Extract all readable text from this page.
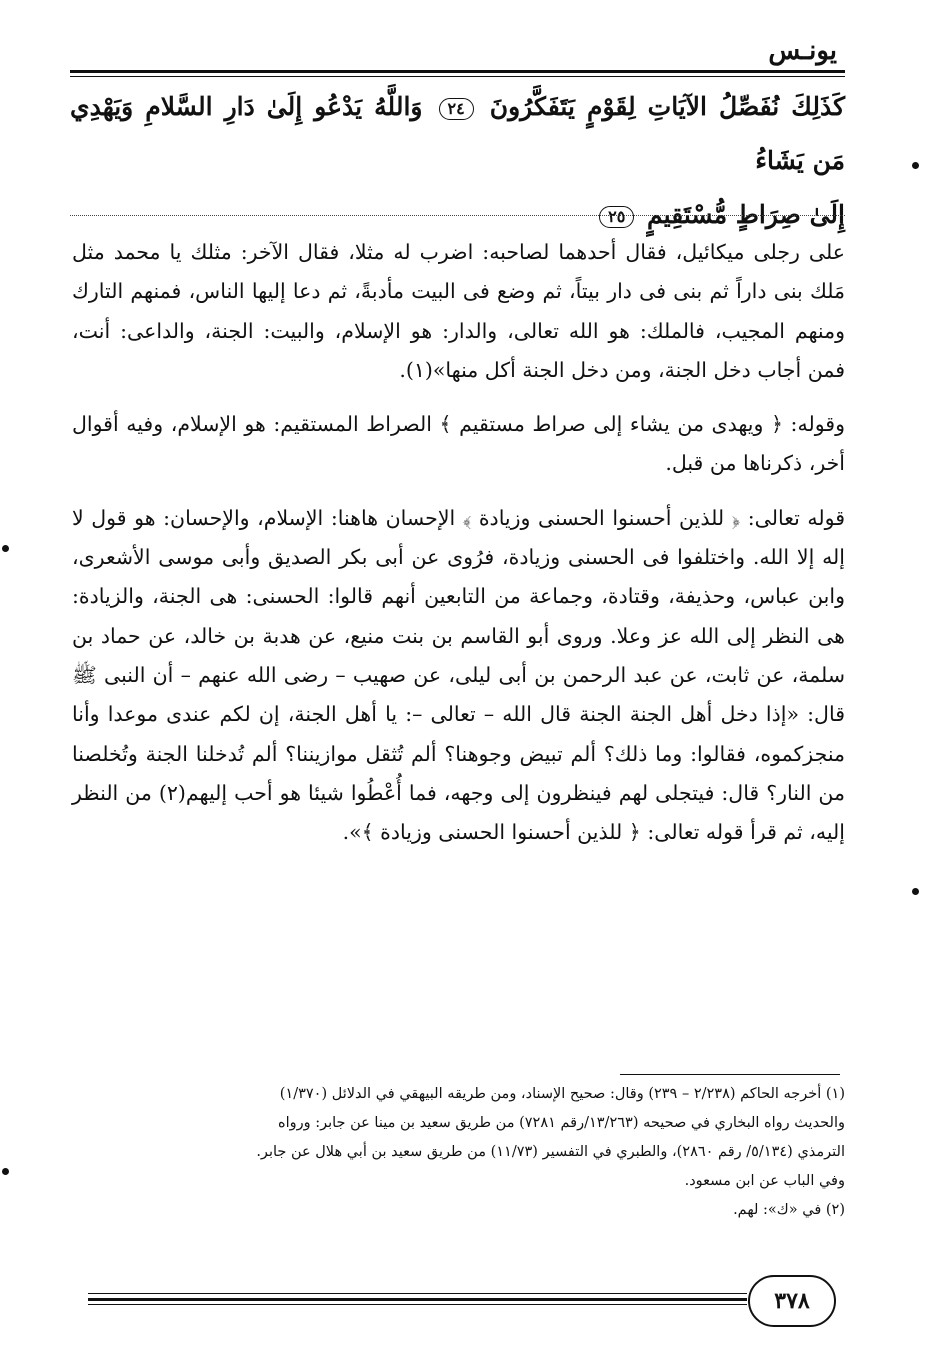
يونـس
كَذَلِكَ نُفَصِّلُ الآيَاتِ لِقَوْمٍ يَتَفَكَّرُونَ ٢٤ وَاللَّهُ يَدْعُو إِلَىٰ دَارِ السَّلامِ وَيَهْدِي مَن يَشَاءُ
إِلَىٰ صِرَاطٍ مُّسْتَقِيمٍ ٢٥

على رجلى ميكائيل، فقال أحدهما لصاحبه: اضرب له مثلا، فقال الآخر: مثلك يا محمد مثل مَلك بنى داراً ثم بنى فى دار بيتاً، ثم وضع فى البيت مأدبةً، ثم دعا إليها الناس، فمنهم التارك ومنهم المجيب، فالملك: هو الله تعالى، والدار: هو الإسلام، والبيت: الجنة، والداعى: أنت، فمن أجاب دخل الجنة، ومن دخل الجنة أكل منها»(١).

وقوله: ﴿ ويهدى من يشاء إلى صراط مستقيم ﴾ الصراط المستقيم: هو الإسلام، وفيه أقوال أخر، ذكرناها من قبل.

قوله تعالى: ﴿ للذين أحسنوا الحسنى وزيادة ﴾ الإحسان هاهنا: الإسلام، والإحسان: هو قول لا إله إلا الله. واختلفوا فى الحسنى وزيادة، فرُوى عن أبى بكر الصديق وأبى موسى الأشعرى، وابن عباس، وحذيفة، وقتادة، وجماعة من التابعين أنهم قالوا: الحسنى: هى الجنة، والزيادة: هى النظر إلى الله عز وعلا. وروى أبو القاسم بن بنت منيع، عن هدبة بن خالد، عن حماد بن سلمة، عن ثابت، عن عبد الرحمن بن أبى ليلى، عن صهيب – رضى الله عنهم – أن النبى ﷺ قال: «إذا دخل أهل الجنة الجنة قال الله – تعالى –: يا أهل الجنة، إن لكم عندى موعدا وأنا منجزكموه، فقالوا: وما ذلك؟ ألم تبيض وجوهنا؟ ألم تُثقل موازيننا؟ ألم تُدخلنا الجنة وتُخلصنا من النار؟ قال: فيتجلى لهم فينظرون إلى وجهه، فما أُعْطُوا شيئا هو أحب إليهم(٢) من النظر إليه، ثم قرأ قوله تعالى: ﴿ للذين أحسنوا الحسنى وزيادة ﴾».

(١) أخرجه الحاكم (٢/٢٣٨ – ٢٣٩) وقال: صحيح الإسناد، ومن طريقه البيهقي في الدلائل (١/٣٧٠)

والحديث رواه البخاري في صحيحه (١٣/٢٦٣/رقم ٧٢٨١) من طريق سعيد بن مينا عن جابر: ورواه

الترمذي (٥/١٣٤/ رقم ٢٨٦٠)، والطبري في التفسير (١١/٧٣) من طريق سعيد بن أبي هلال عن جابر.

وفي الباب عن ابن مسعود.

(٢) في «ك»: لهم.

٣٧٨
